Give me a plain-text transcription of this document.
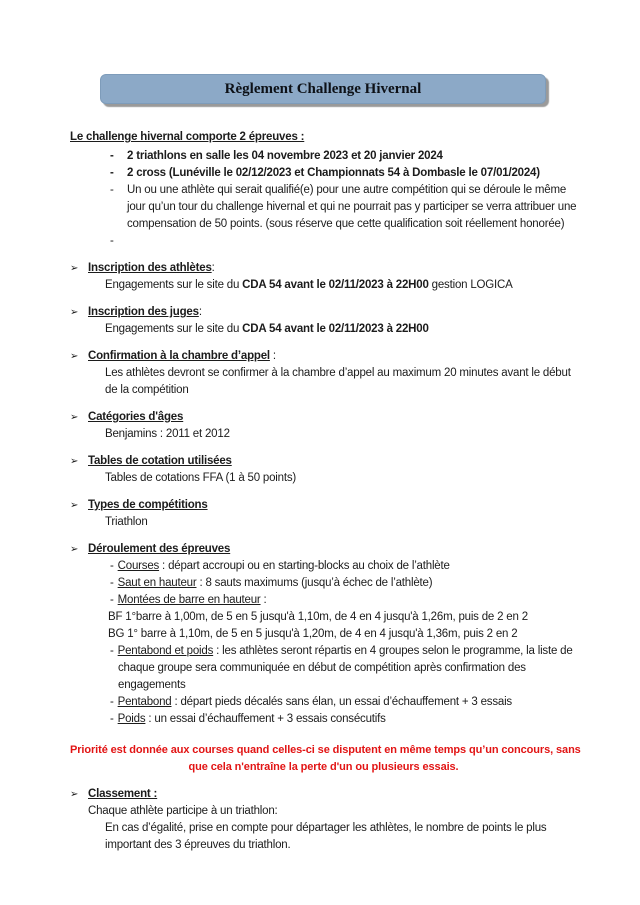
Règlement Challenge Hivernal
Le challenge hivernal comporte 2 épreuves :
-	2 triathlons en salle les 04 novembre 2023 et 20 janvier 2024
-	2 cross (Lunéville le 02/12/2023 et Championnats 54 à Dombasle le 07/01/2024)
-	Un ou une athlète qui serait qualifié(e) pour une autre compétition qui se déroule le même jour qu’un tour du challenge hivernal et qui ne pourrait pas y participer se verra attribuer une compensation de 50 points. (sous réserve que cette qualification soit réellement honorée)
-
➢ Inscription des athlètes:
Engagements sur le site du CDA 54 avant le 02/11/2023 à 22H00 gestion LOGICA
➢ Inscription des juges:
Engagements sur le site du CDA 54 avant le 02/11/2023 à 22H00
➢ Confirmation à la chambre d’appel :
Les athlètes devront se confirmer à la chambre d’appel au maximum 20 minutes avant le début de la compétition
➢ Catégories d'âges
Benjamins : 2011 et 2012
➢ Tables de cotation utilisées
Tables de cotations FFA (1 à 50 points)
➢ Types de compétitions
Triathlon
➢ Déroulement des épreuves
- Courses : départ accroupi ou en starting-blocks au choix de l’athlète
- Saut en hauteur : 8 sauts maximums (jusqu’à échec de l’athlète)
- Montées de barre en hauteur :
BF 1°barre à 1,00m, de 5 en 5 jusqu'à 1,10m, de 4 en 4 jusqu'à 1,26m, puis de 2 en 2
BG 1° barre à 1,10m, de 5 en 5 jusqu'à 1,20m, de 4 en 4 jusqu'à 1,36m, puis 2 en 2
- Pentabond et poids : les athlètes seront répartis en 4 groupes selon le programme, la liste de chaque groupe sera communiquée en début de compétition après confirmation des engagements
- Pentabond : départ pieds décalés sans élan, un essai d’échauffement + 3 essais
- Poids : un essai d’échauffement + 3 essais consécutifs
Priorité est donnée aux courses quand celles-ci se disputent en même temps qu’un concours, sans
que cela n'entraîne la perte d'un ou plusieurs essais.
➢ Classement :
Chaque athlète participe à un triathlon:
En cas d’égalité, prise en compte pour départager les athlètes, le nombre de points le plus important des 3 épreuves du triathlon.
